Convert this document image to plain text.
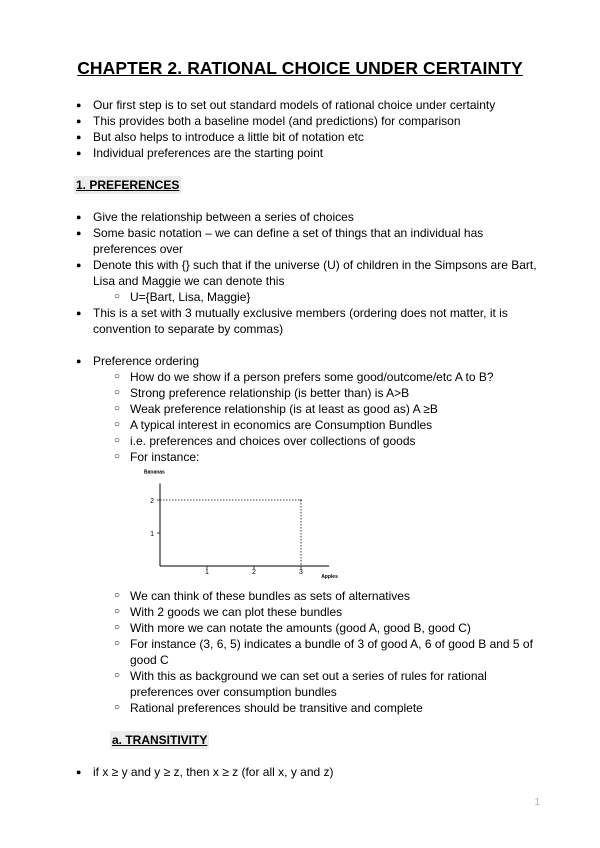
CHAPTER 2. RATIONAL CHOICE UNDER CERTAINTY
● Our first step is to set out standard models of rational choice under certainty
● This provides both a baseline model (and predictions) for comparison
● But also helps to introduce a little bit of notation etc
● Individual preferences are the starting point
1. PREFERENCES
● Give the relationship between a series of choices
● Some basic notation – we can define a set of things that an individual has
preferences over
● Denote this with {} such that if the universe (U) of children in the Simpsons are Bart,
Lisa and Maggie we can denote this
○ U={Bart, Lisa, Maggie}
● This is a set with 3 mutually exclusive members (ordering does not matter, it is
convention to separate by commas)
● Preference ordering
○ How do we show if a person prefers some good/outcome/etc A to B?
○ Strong preference relationship (is better than) is A>B
○ Weak preference relationship (is at least as good as) A ≥B
○ A typical interest in economics are Consumption Bundles
○ i.e. preferences and choices over collections of goods
○ For instance:
Bananas
Apples
1	2	3
1
2
○ We can think of these bundles as sets of alternatives
○ With 2 goods we can plot these bundles
○ With more we can notate the amounts (good A, good B, good C)
○ For instance (3, 6, 5) indicates a bundle of 3 of good A, 6 of good B and 5 of
good C
○ With this as background we can set out a series of rules for rational
preferences over consumption bundles
○ Rational preferences should be transitive and complete
a. TRANSITIVITY
● if x ≥ y and y ≥ z, then x ≥ z (for all x, y and z)
1
